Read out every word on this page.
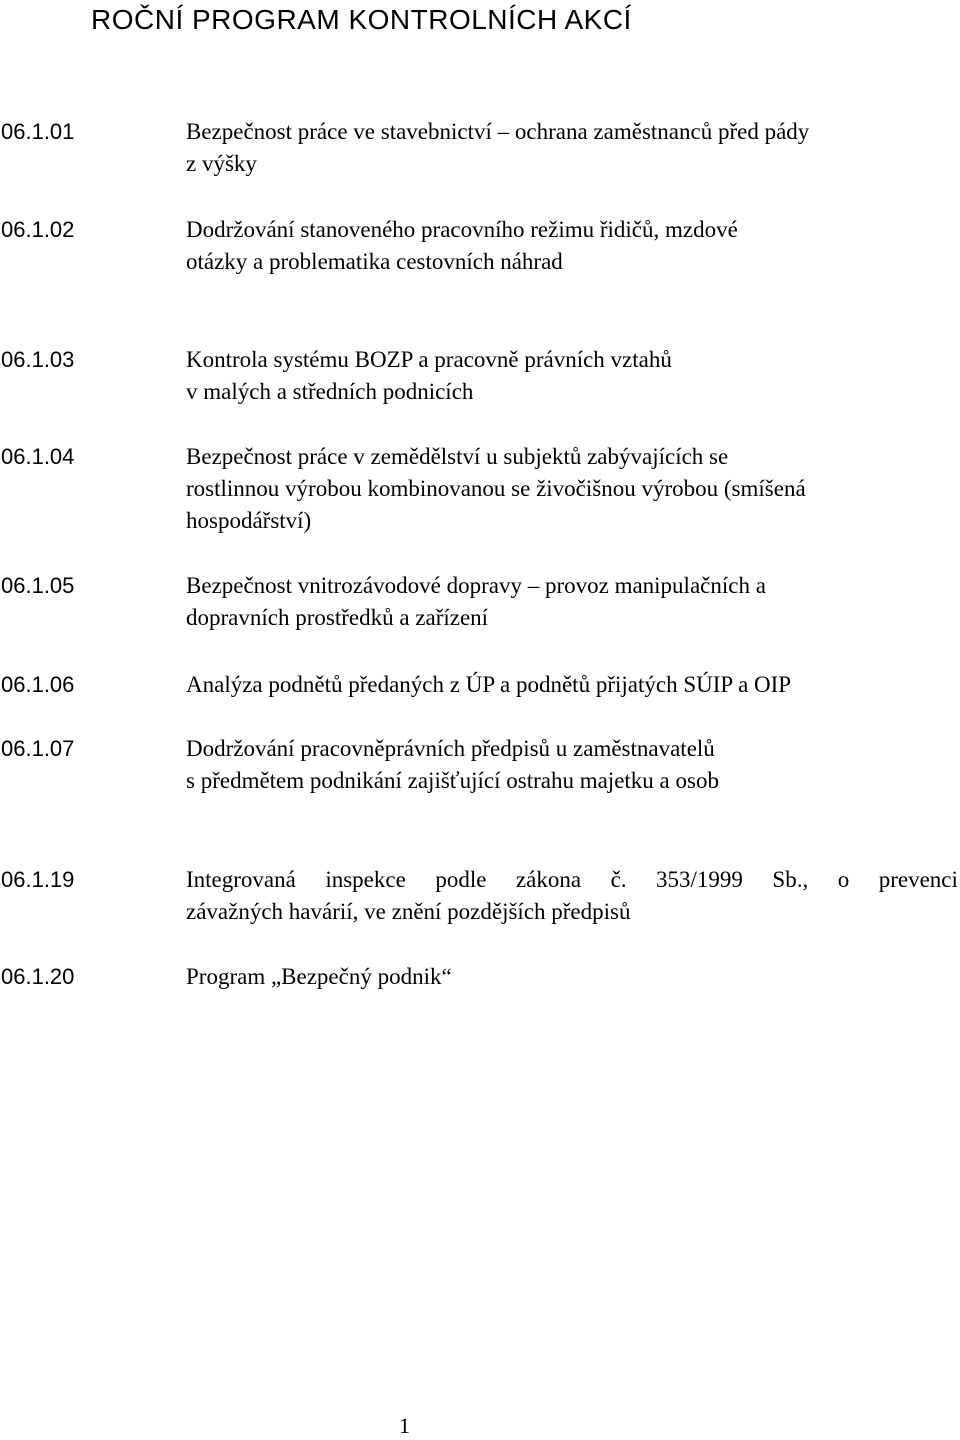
ROČNÍ PROGRAM KONTROLNÍCH AKCÍ
06.1.01	Bezpečnost práce ve stavebnictví – ochrana zaměstnanců před pády
z výšky
06.1.02	Dodržování stanoveného pracovního režimu řidičů, mzdové
otázky a problematika cestovních náhrad
06.1.03	Kontrola systému BOZP a pracovně právních vztahů
v malých a středních podnicích
06.1.04	Bezpečnost práce v zemědělství u subjektů zabývajících se
rostlinnou výrobou kombinovanou se živočišnou výrobou (smíšená
hospodářství)
06.1.05	Bezpečnost vnitrozávodové dopravy – provoz manipulačních a
dopravních prostředků a zařízení
06.1.06	Analýza podnětů předaných z ÚP a podnětů přijatých SÚIP a OIP
06.1.07	Dodržování pracovněprávních předpisů u zaměstnavatelů
s předmětem podnikání zajišťující ostrahu majetku a osob
06.1.19	Integrovaná inspekce podle zákona č. 353/1999 Sb., o prevenci
závažných havárií, ve znění pozdějších předpisů
06.1.20	Program „Bezpečný podnik“
1
